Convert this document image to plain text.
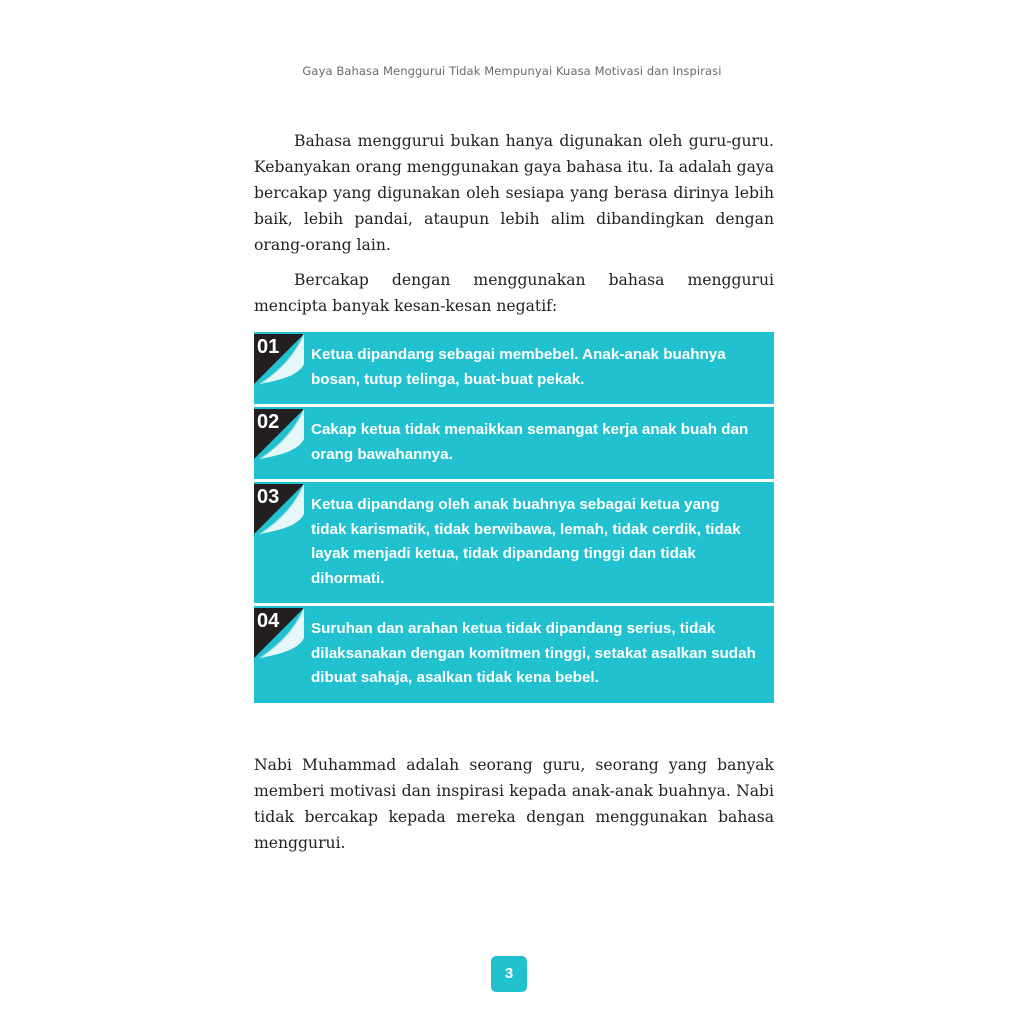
Gaya Bahasa Menggurui Tidak Mempunyai Kuasa Motivasi dan Inspirasi

Bahasa menggurui bukan hanya digunakan oleh guru-guru. Kebanyakan orang menggunakan gaya bahasa itu. Ia adalah gaya bercakap yang digunakan oleh sesiapa yang berasa dirinya lebih baik, lebih pandai, ataupun lebih alim dibandingkan dengan orang-orang lain.

Bercakap dengan menggunakan bahasa menggurui mencipta banyak kesan-kesan negatif:

01 Ketua dipandang sebagai membebel. Anak-anak buahnya bosan, tutup telinga, buat-buat pekak.

02 Cakap ketua tidak menaikkan semangat kerja anak buah dan orang bawahannya.

03 Ketua dipandang oleh anak buahnya sebagai ketua yang tidak karismatik, tidak berwibawa, lemah, tidak cerdik, tidak layak menjadi ketua, tidak dipandang tinggi dan tidak dihormati.

04 Suruhan dan arahan ketua tidak dipandang serius, tidak dilaksanakan dengan komitmen tinggi, setakat asalkan sudah dibuat sahaja, asalkan tidak kena bebel.

Nabi Muhammad adalah seorang guru, seorang yang banyak memberi motivasi dan inspirasi kepada anak-anak buahnya. Nabi tidak bercakap kepada mereka dengan menggunakan bahasa menggurui.

3
